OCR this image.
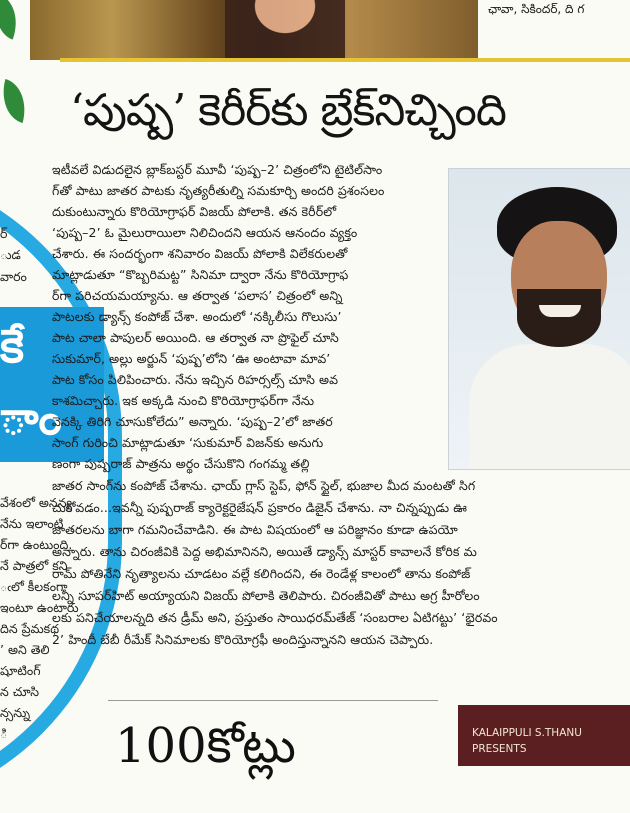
ఛావా, సికిందర్, ది గ
‘పుష్ప’ కెరీర్‌కు బ్రేక్‌నిచ్చింది
ర్
ుడ
వారం
కే
ాం
వేశంలో అనన్య
నేను ఇలాంటి
ర్‌గా ఉంటుంది.
నే పాత్రలో కని
ఁలో కీలకంగా
ఇంటూ ఉంటారు
దిన ప్రేమకథ
’ అని తెలి
షూటింగ్
న చూసి
న్సన్ను
ి
ఇటీవలే విడుదలైన బ్లాక్‌బస్టర్ మూవీ ‘పుష్ప–2’ చిత్రంలోని టైటిల్‌సాం
గ్‌తో పాటు జాతర పాటకు నృత్యరీతుల్ని సమకూర్చి అందరి ప్రశంసలం
దుకుంటున్నారు కొరియోగ్రాఫర్ విజయ్ పోలాకి. తన కెరీర్‌లో
‘పుష్ప–2’ ఓ మైలురాయిలా నిలిచిందని ఆయన ఆనందం వ్యక్తం
చేశారు. ఈ సందర్భంగా శనివారం విజయ్ పోలాకి విలేకరులతో
మాట్లాడుతూ “కొబ్బరిమట్ట” సినిమా ద్వారా నేను కొరియోగ్రాఫ
ర్‌గా పరిచయమయ్యాను. ఆ తర్వాత ‘పలాస’ చిత్రంలో అన్ని
పాటలకు డ్యాన్స్ కంపోజ్ చేశా. అందులో ‘నక్కిలీసు గొలుసు’
పాట చాలా పాపులర్ అయింది. ఆ తర్వాత నా ప్రొఫైల్ చూసి
సుకుమార్, అల్లు అర్జున్ ‘పుష్ప’లోని ‘ఊ అంటావా మావ’
పాట కోసం పిలిపించారు. నేను ఇచ్చిన రిహర్సల్స్ చూసి అవ
కాశమిచ్చారు. ఇక అక్కడి నుంచి కొరియోగ్రాఫర్‌గా నేను
వెనక్కి తిరిగి చూసుకోలేదు” అన్నారు. ‘పుష్ప–2’లో జాతర
సాంగ్ గురించి మాట్లాడుతూ ‘సుకుమార్ విజన్‌కు అనుగు
ణంగా పుష్పరాజ్ పాత్రను అర్థం చేసుకొని గంగమ్మ తల్లి
జాతర సాంగ్‌ను కంపోజ్ చేశాను. ఛాయ్ గ్లాస్ స్టెప్, ఫోన్ స్టైల్, భుజాల మీద మంటతో సిగ
చుకోవడం...ఇవన్నీ పుష్పరాజ్ క్యారెక్టరైజేషన్ ప్రకారం డిజైన్ చేశాను. నా చిన్నప్పుడు ఊ
జాతరలను బాగా గమనించేవాడిని. ఈ పాట విషయంలో ఆ పరిజ్ఞానం కూడా ఉపయో
అన్నారు. తాను చిరంజీవికి పెద్ద అభిమానినని, అయితే డ్యాన్స్ మాస్టర్ కావాలనే కోరిక మ
రామ్ పోతినేని నృత్యాలను చూడటం వల్లే కలిగిందని, ఈ రెండేళ్ల కాలంలో తాను కంపోజ్
లన్నీ సూపర్‌హిట్ అయ్యాయని విజయ్ పోలాకి తెలిపారు. చిరంజీవితో పాటు అగ్ర హీరోలం
లకు పనిచేయాలన్నది తన డ్రీమ్ అని, ప్రస్తుతం సాయిధరమ్‌తేజ్ ‘సంబరాల ఏటిగట్టు’ ‘భైరవం
2’ హిందీ బేబీ రీమేక్ సినిమాలకు కొరియోగ్రఫీ అందిస్తున్నానని ఆయన చెప్పారు.
100కోట్లు	KALAIPPULI S.THANU
PRESENTS
